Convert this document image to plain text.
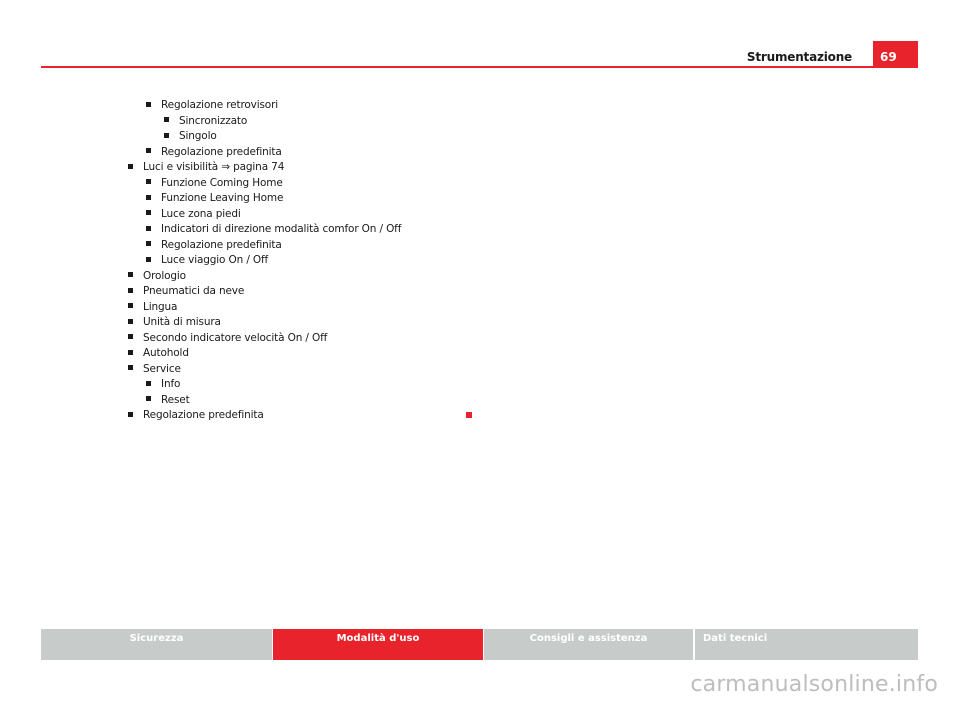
Strumentazione 69
Regolazione retrovisori
Sincronizzato
Singolo
Regolazione predefinita
Luci e visibilità ⇒ pagina 74
Funzione Coming Home
Funzione Leaving Home
Luce zona piedi
Indicatori di direzione modalità comfor On / Off
Regolazione predefinita
Luce viaggio On / Off
Orologio
Pneumatici da neve
Lingua
Unità di misura
Secondo indicatore velocità On / Off
Autohold
Service
Info
Reset
Regolazione predefinita
Sicurezza	Modalità d'uso	Consigli e assistenza	Dati tecnici
carmanualsonline.info
